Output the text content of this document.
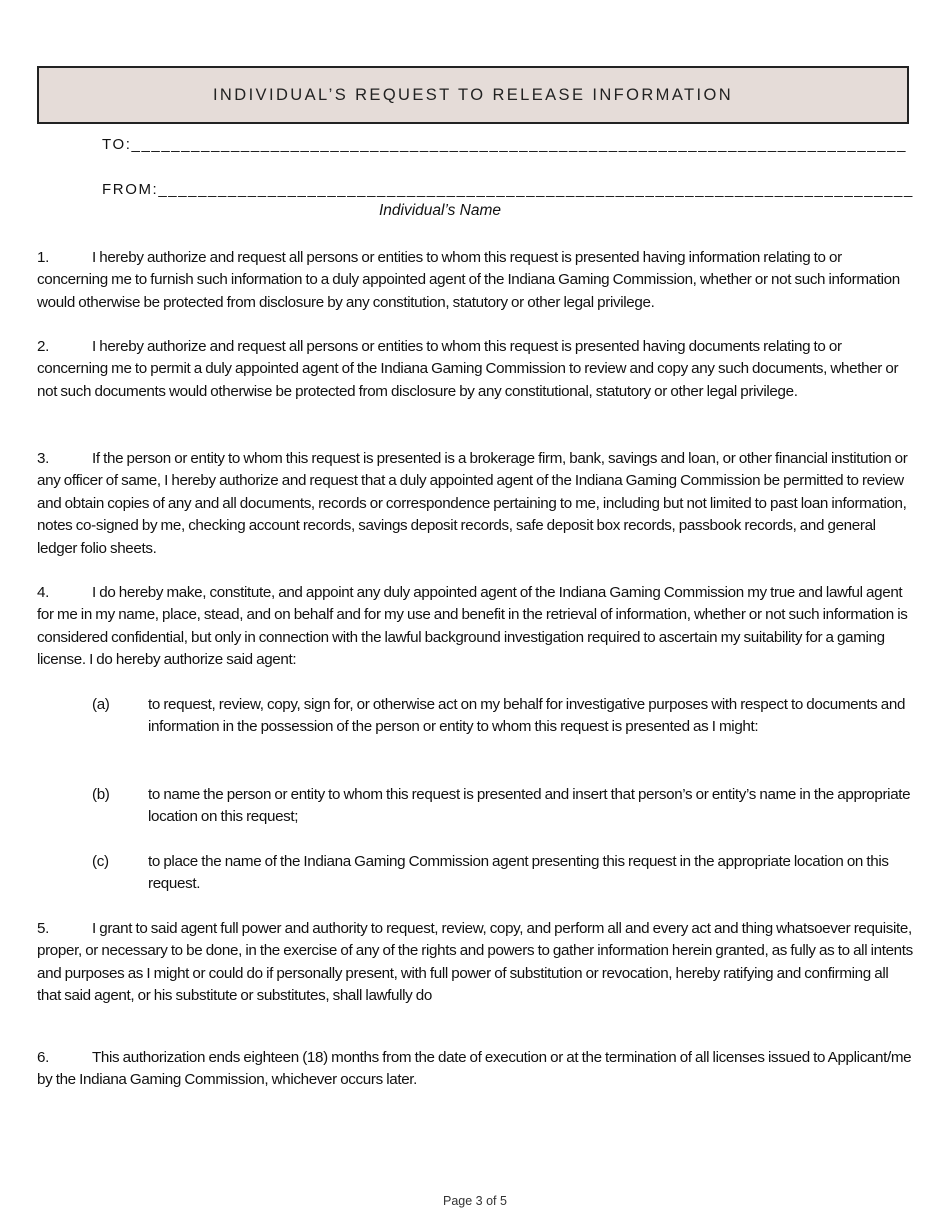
INDIVIDUAL’S REQUEST TO RELEASE INFORMATION
TO:______________________________________________________________________________
FROM:____________________________________________________________________________
Individual’s Name
1.	I hereby authorize and request all persons or entities to whom this request is presented having information relating to or concerning me to furnish such information to a duly appointed agent of the Indiana Gaming Commission, whether or not such information would otherwise be protected from disclosure by any constitution, statutory or other legal privilege.
2.	I hereby authorize and request all persons or entities to whom this request is presented having documents relating to or concerning me to permit a duly appointed agent of the Indiana Gaming Commission to review and copy any such documents, whether or not such documents would otherwise be protected from disclosure by any constitutional, statutory or other legal privilege.
3.	If the person or entity to whom this request is presented is a brokerage firm, bank, savings and loan, or other financial institution or any officer of same, I hereby authorize and request that a duly appointed agent of the Indiana Gaming Commission be permitted to review and obtain copies of any and all documents, records or correspondence pertaining to me, including but not limited to past loan information, notes co-signed by me, checking account records, savings deposit records, safe deposit box records, passbook records, and general ledger folio sheets.
4.	I do hereby make, constitute, and appoint any duly appointed agent of the Indiana Gaming Commission my true and lawful agent for me in my name, place, stead, and on behalf and for my use and benefit in the retrieval of information, whether or not such information is considered confidential, but only in connection with the lawful background investigation required to ascertain my suitability for a gaming license. I do hereby authorize said agent:
(a)	to request, review, copy, sign for, or otherwise act on my behalf for investigative purposes with respect to documents and information in the possession of the person or entity to whom this request is presented as I might:
(b)	to name the person or entity to whom this request is presented and insert that person’s or entity’s name in the appropriate location on this request;
(c)	to place the name of the Indiana Gaming Commission agent presenting this request in the appropriate location on this request.
5.	I grant to said agent full power and authority to request, review, copy, and perform all and every act and thing whatsoever requisite, proper, or necessary to be done, in the exercise of any of the rights and powers to gather information herein granted, as fully as to all intents and purposes as I might or could do if personally present, with full power of substitution or revocation, hereby ratifying and confirming all that said agent, or his substitute or substitutes, shall lawfully do
6.	This authorization ends eighteen (18) months from the date of execution or at the termination of all licenses issued to Applicant/me by the Indiana Gaming Commission, whichever occurs later.
Page 3 of 5
